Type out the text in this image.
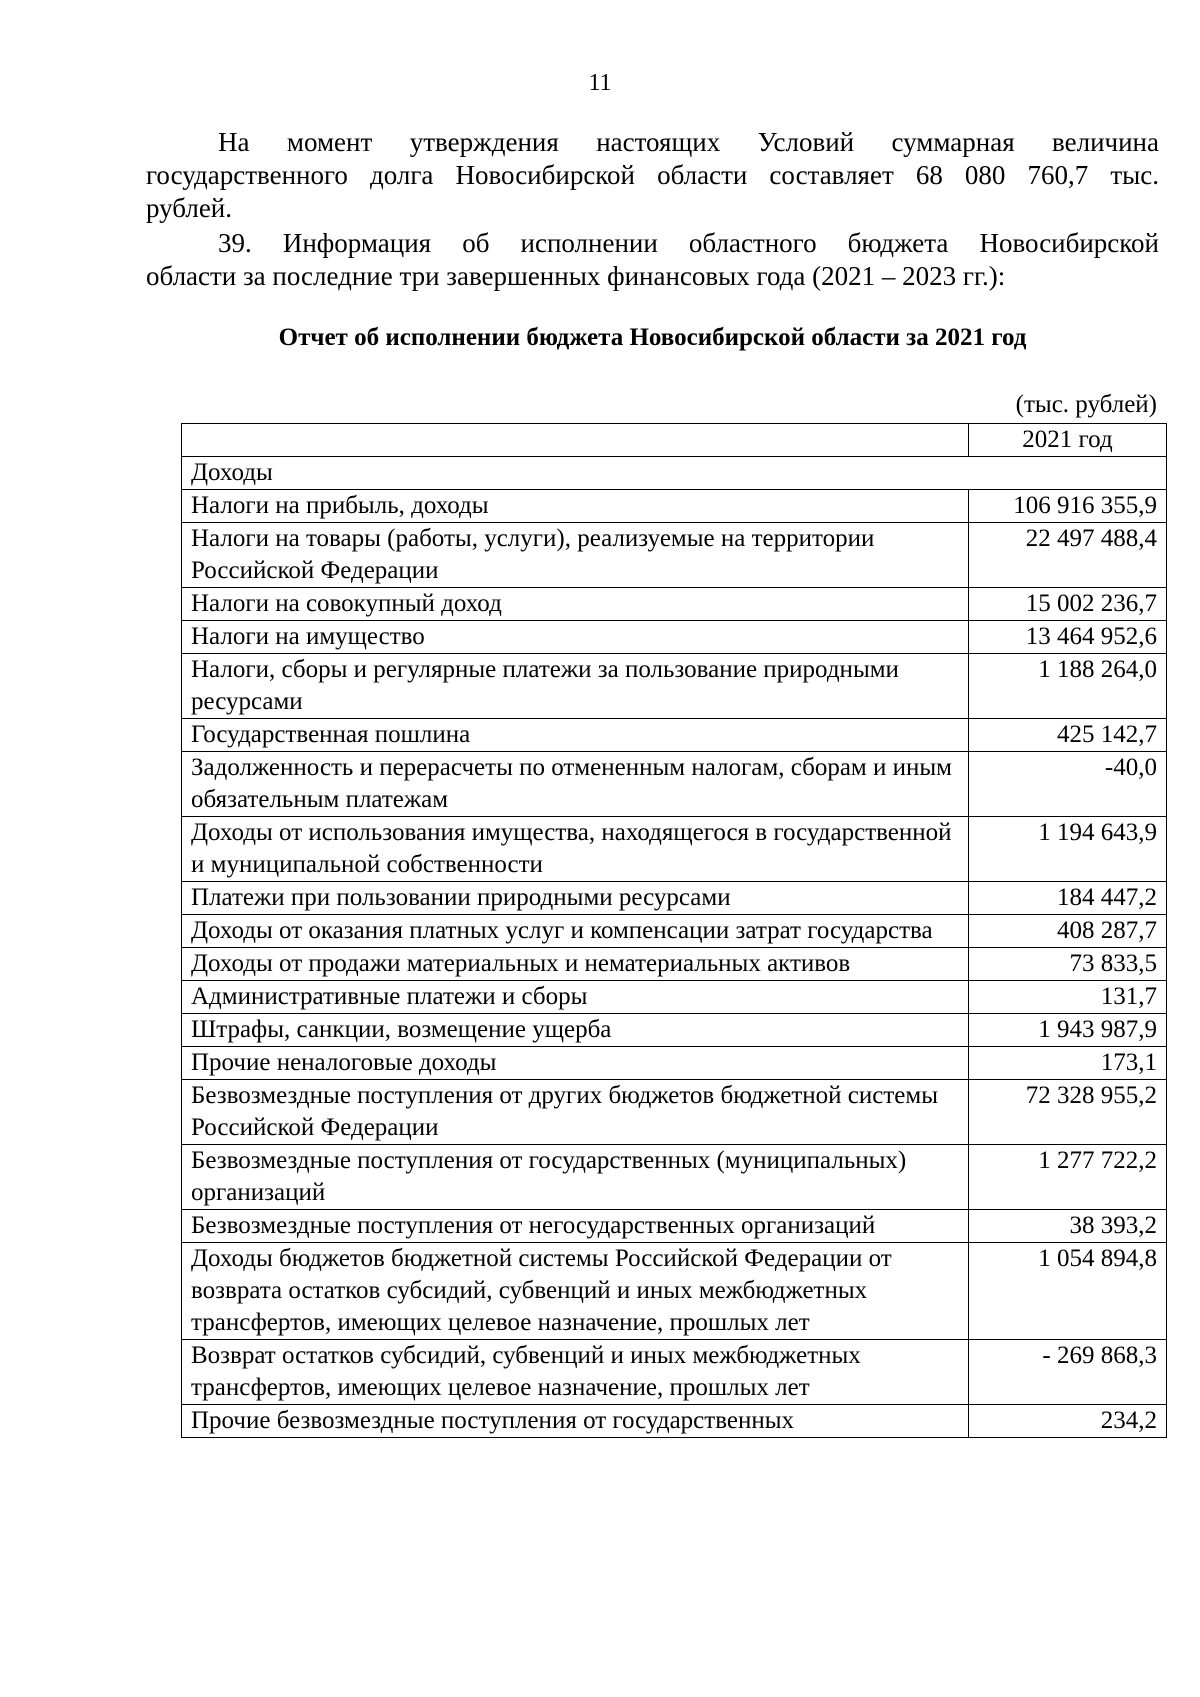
11
На момент утверждения настоящих Условий суммарная величина
государственного долга Новосибирской области составляет 68 080 760,7 тыс.
рублей.
39. Информация об исполнении областного бюджета Новосибирской
области за последние три завершенных финансовых года (2021 – 2023 гг.):
Отчет об исполнении бюджета Новосибирской области за 2021 год
(тыс. рублей)
	2021 год
Доходы	
Налоги на прибыль, доходы	106 916 355,9
Налоги на товары (работы, услуги), реализуемые на территории Российской Федерации	22 497 488,4
Налоги на совокупный доход	15 002 236,7
Налоги на имущество	13 464 952,6
Налоги, сборы и регулярные платежи за пользование природными ресурсами	1 188 264,0
Государственная пошлина	425 142,7
Задолженность и перерасчеты по отмененным налогам, сборам и иным обязательным платежам	-40,0
Доходы от использования имущества, находящегося в государственной и муниципальной собственности	1 194 643,9
Платежи при пользовании природными ресурсами	184 447,2
Доходы от оказания платных услуг и компенсации затрат государства	408 287,7
Доходы от продажи материальных и нематериальных активов	73 833,5
Административные платежи и сборы	131,7
Штрафы, санкции, возмещение ущерба	1 943 987,9
Прочие неналоговые доходы	173,1
Безвозмездные поступления от других бюджетов бюджетной системы Российской Федерации	72 328 955,2
Безвозмездные поступления от государственных (муниципальных) организаций	1 277 722,2
Безвозмездные поступления от негосударственных организаций	38 393,2
Доходы бюджетов бюджетной системы Российской Федерации от возврата остатков субсидий, субвенций и иных межбюджетных трансфертов, имеющих целевое назначение, прошлых лет	1 054 894,8
Возврат остатков субсидий, субвенций и иных межбюджетных трансфертов, имеющих целевое назначение, прошлых лет	- 269 868,3
Прочие безвозмездные поступления от государственных	234,2
